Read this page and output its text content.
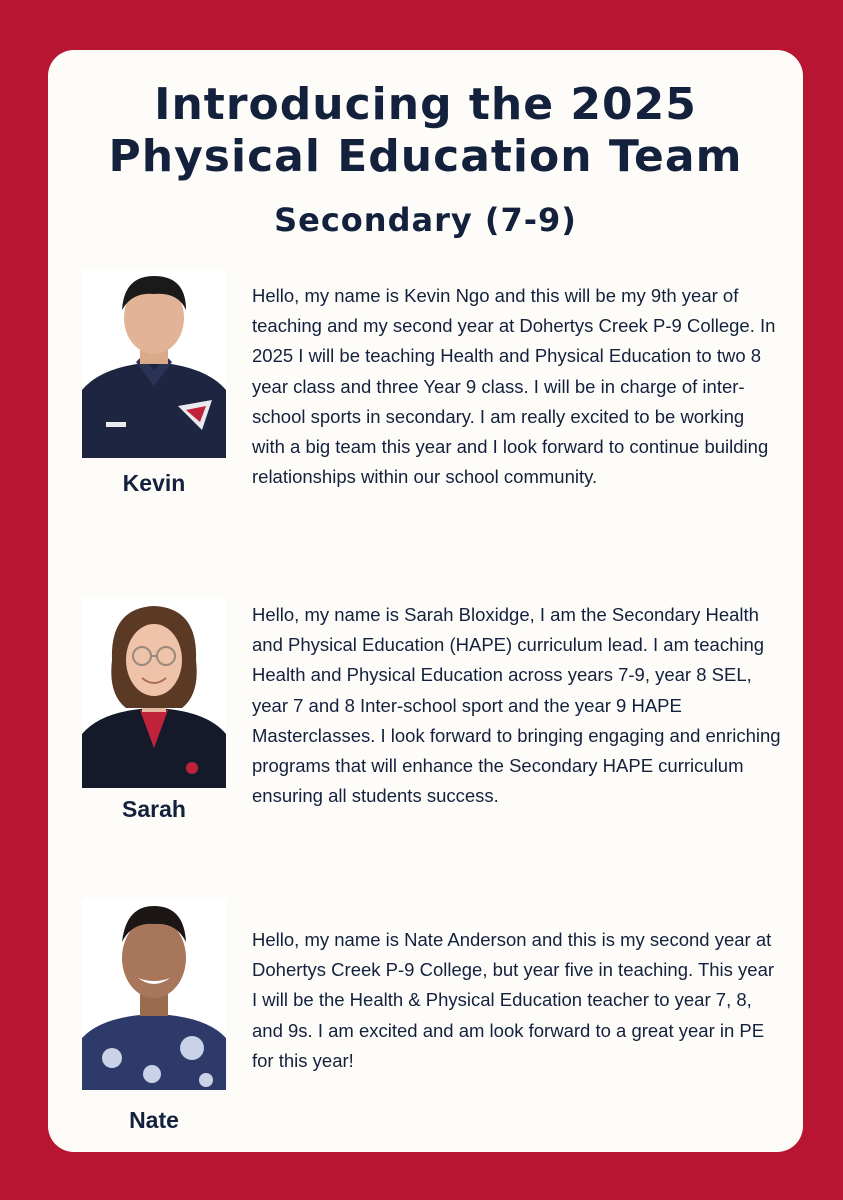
Introducing the 2025
Physical Education Team
Secondary (7-9)
Kevin

Hello, my name is Kevin Ngo and this will be my 9th year of teaching and my second year at Dohertys Creek P-9 College. In 2025 I will be teaching Health and Physical Education to two 8 year class and three Year 9 class. I will be in charge of inter-school sports in secondary. I am really excited to be working with a big team this year and I look forward to continue building relationships within our school community.

Sarah

Hello, my name is Sarah Bloxidge, I am the Secondary Health and Physical Education (HAPE) curriculum lead. I am teaching Health and Physical Education across years 7-9, year 8 SEL, year 7 and 8 Inter-school sport and the year 9 HAPE Masterclasses. I look forward to bringing engaging and enriching programs that will enhance the Secondary HAPE curriculum ensuring all students success.

Nate

Hello, my name is Nate Anderson and this is my second year at Dohertys Creek P-9 College, but year five in teaching. This year I will be the Health & Physical Education teacher to year 7, 8, and 9s. I am excited and am look forward to a great year in PE for this year!
